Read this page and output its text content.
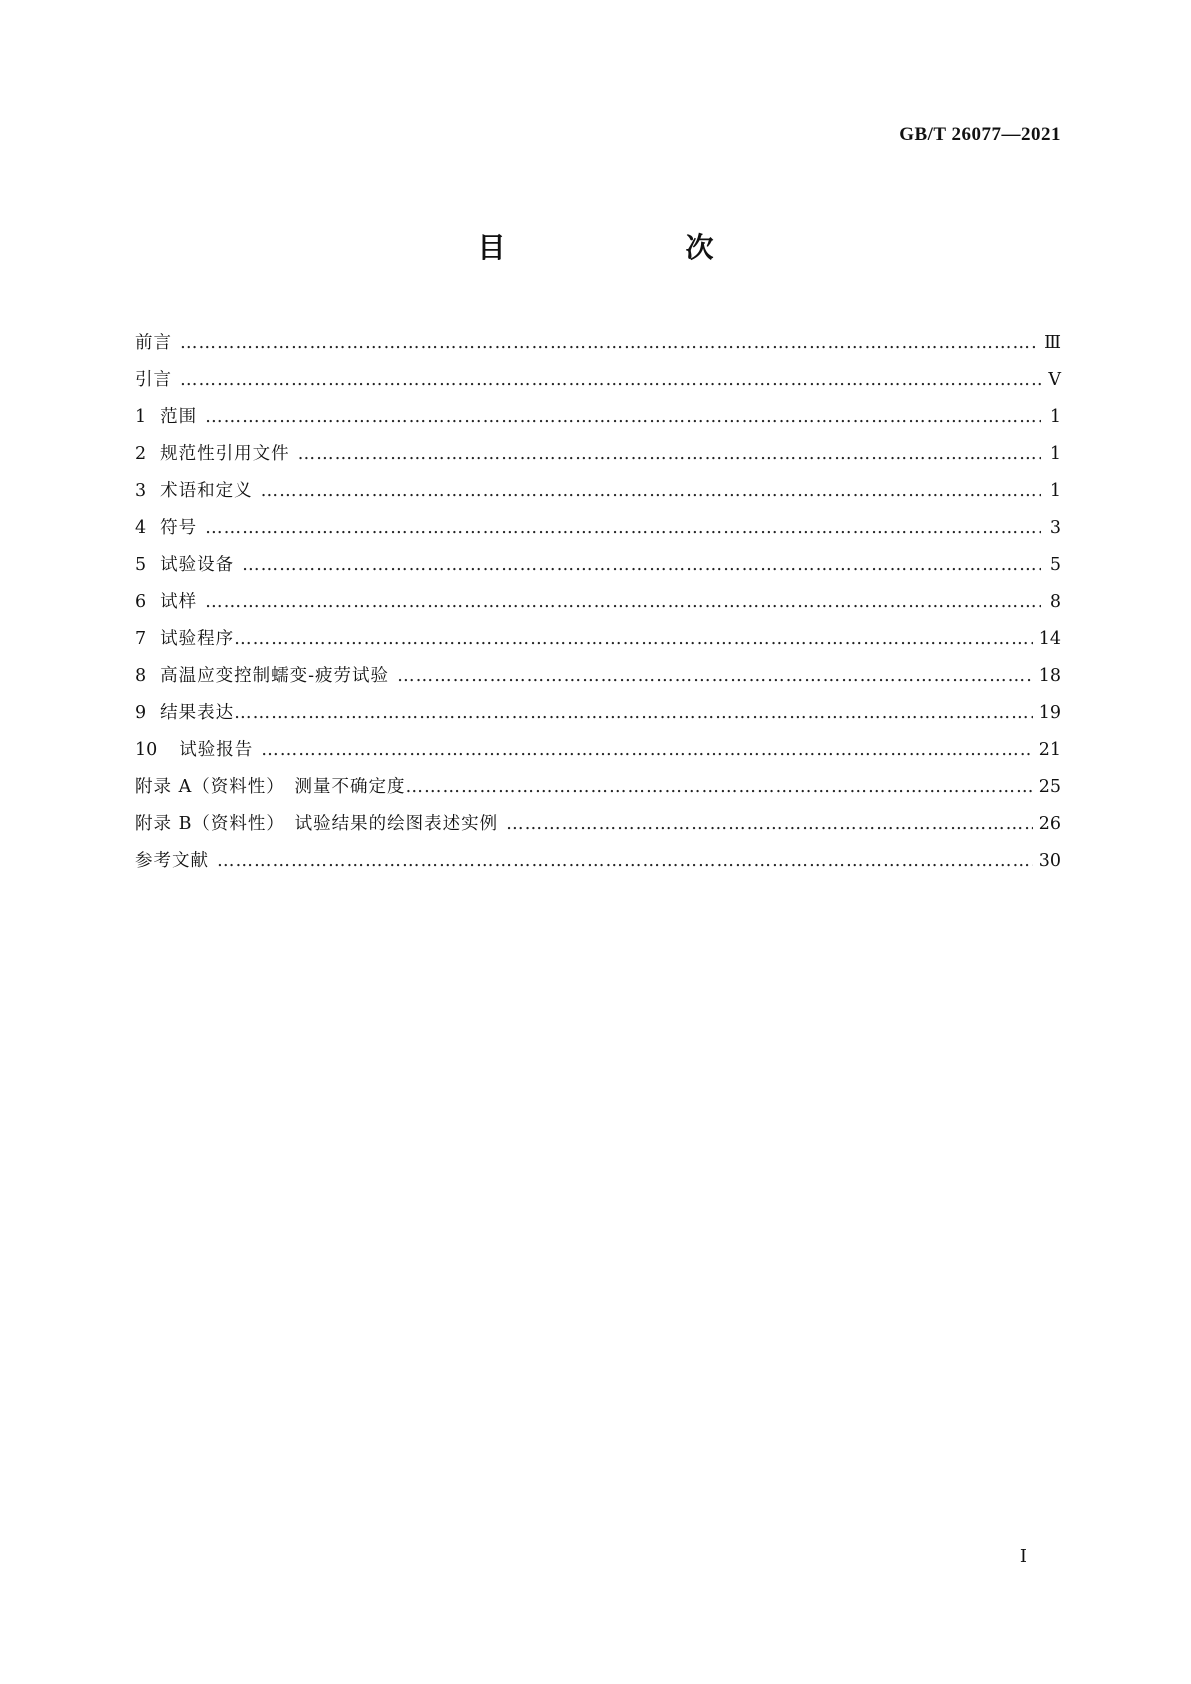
GB/T 26077—2021
目　次
前言 …………………………………………………………………………………………………………………………………………………………………………………………………………	Ⅲ
引言 …………………………………………………………………………………………………………………………………………………………………………………………………………	Ⅴ
1 范围 …………………………………………………………………………………………………………………………………………………………………………………………………………	1
2 规范性引用文件 …………………………………………………………………………………………………………………………………………………………………………………………………………	1
3 术语和定义 …………………………………………………………………………………………………………………………………………………………………………………………………………	1
4 符号 …………………………………………………………………………………………………………………………………………………………………………………………………………	3
5 试验设备 …………………………………………………………………………………………………………………………………………………………………………………………………………	5
6 试样 …………………………………………………………………………………………………………………………………………………………………………………………………………	8
7 试验程序 …………………………………………………………………………………………………………………………………………………………………………………………………………	14
8 高温应变控制蠕变-疲劳试验 …………………………………………………………………………………………………………………………………………………………………………………………………………	18
9 结果表达 …………………………………………………………………………………………………………………………………………………………………………………………………………	19
10 试验报告 …………………………………………………………………………………………………………………………………………………………………………………………………………	21
附录 A（资料性）　测量不确定度 …………………………………………………………………………………………………………………………………………………………………………………………………………	25
附录 B（资料性）　试验结果的绘图表述实例 …………………………………………………………………………………………………………………………………………………………………………………………………………	26
参考文献 …………………………………………………………………………………………………………………………………………………………………………………………………………	30
Ⅰ
